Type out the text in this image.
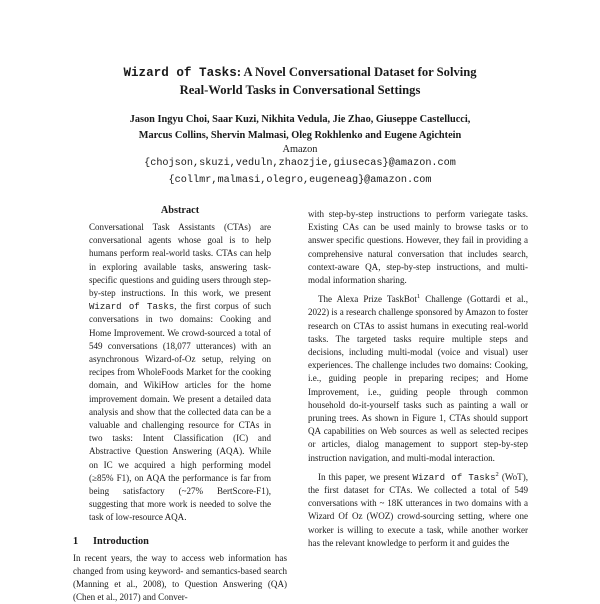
Wizard of Tasks: A Novel Conversational Dataset for Solving
Real-World Tasks in Conversational Settings
Jason Ingyu Choi, Saar Kuzi, Nikhita Vedula, Jie Zhao, Giuseppe Castellucci,
Marcus Collins, Shervin Malmasi, Oleg Rokhlenko and Eugene Agichtein
Amazon
{chojson,skuzi,veduln,zhaozjie,giusecas}@amazon.com
{collmr,malmasi,olegro,eugeneag}@amazon.com
Abstract

Conversational Task Assistants (CTAs) are conversational agents whose goal is to help humans perform real-world tasks. CTAs can help in exploring available tasks, answering task-specific questions and guiding users through step-by-step instructions. In this work, we present Wizard of Tasks, the first corpus of such conversations in two domains: Cooking and Home Improvement. We crowd-sourced a total of 549 conversations (18,077 utterances) with an asynchronous Wizard-of-Oz setup, relying on recipes from WholeFoods Market for the cooking domain, and WikiHow articles for the home improvement domain. We present a detailed data analysis and show that the collected data can be a valuable and challenging resource for CTAs in two tasks: Intent Classification (IC) and Abstractive Question Answering (AQA). While on IC we acquired a high performing model (≥85% F1), on AQA the performance is far from being satisfactory (~27% BertScore-F1), suggesting that more work is needed to solve the task of low-resource AQA.

1 Introduction

In recent years, the way to access web information has changed from using keyword- and semantics-based search (Manning et al., 2008), to Question Answering (QA) (Chen et al., 2017) and Conver-

with step-by-step instructions to perform variegate tasks. Existing CAs can be used mainly to browse tasks or to answer specific questions. However, they fail in providing a comprehensive natural conversation that includes search, context-aware QA, step-by-step instructions, and multi-modal information sharing.

The Alexa Prize TaskBot$^1$ Challenge (Gottardi et al., 2022) is a research challenge sponsored by Amazon to foster research on CTAs to assist humans in executing real-world tasks. The targeted tasks require multiple steps and decisions, including multi-modal (voice and visual) user experiences. The challenge includes two domains: Cooking, i.e., guiding people in preparing recipes; and Home Improvement, i.e., guiding people through common household do-it-yourself tasks such as painting a wall or pruning trees. As shown in Figure 1, CTAs should support QA capabilities on Web sources as well as selected recipes or articles, dialog management to support step-by-step instruction navigation, and multi-modal interaction.

In this paper, we present Wizard of Tasks$^2$ (WoT), the first dataset for CTAs. We collected a total of 549 conversations with ~ 18K utterances in two domains with a Wizard Of Oz (WOZ) crowd-sourcing setting, where one worker is willing to execute a task, while another worker has the relevant knowledge to perform it and guides the
